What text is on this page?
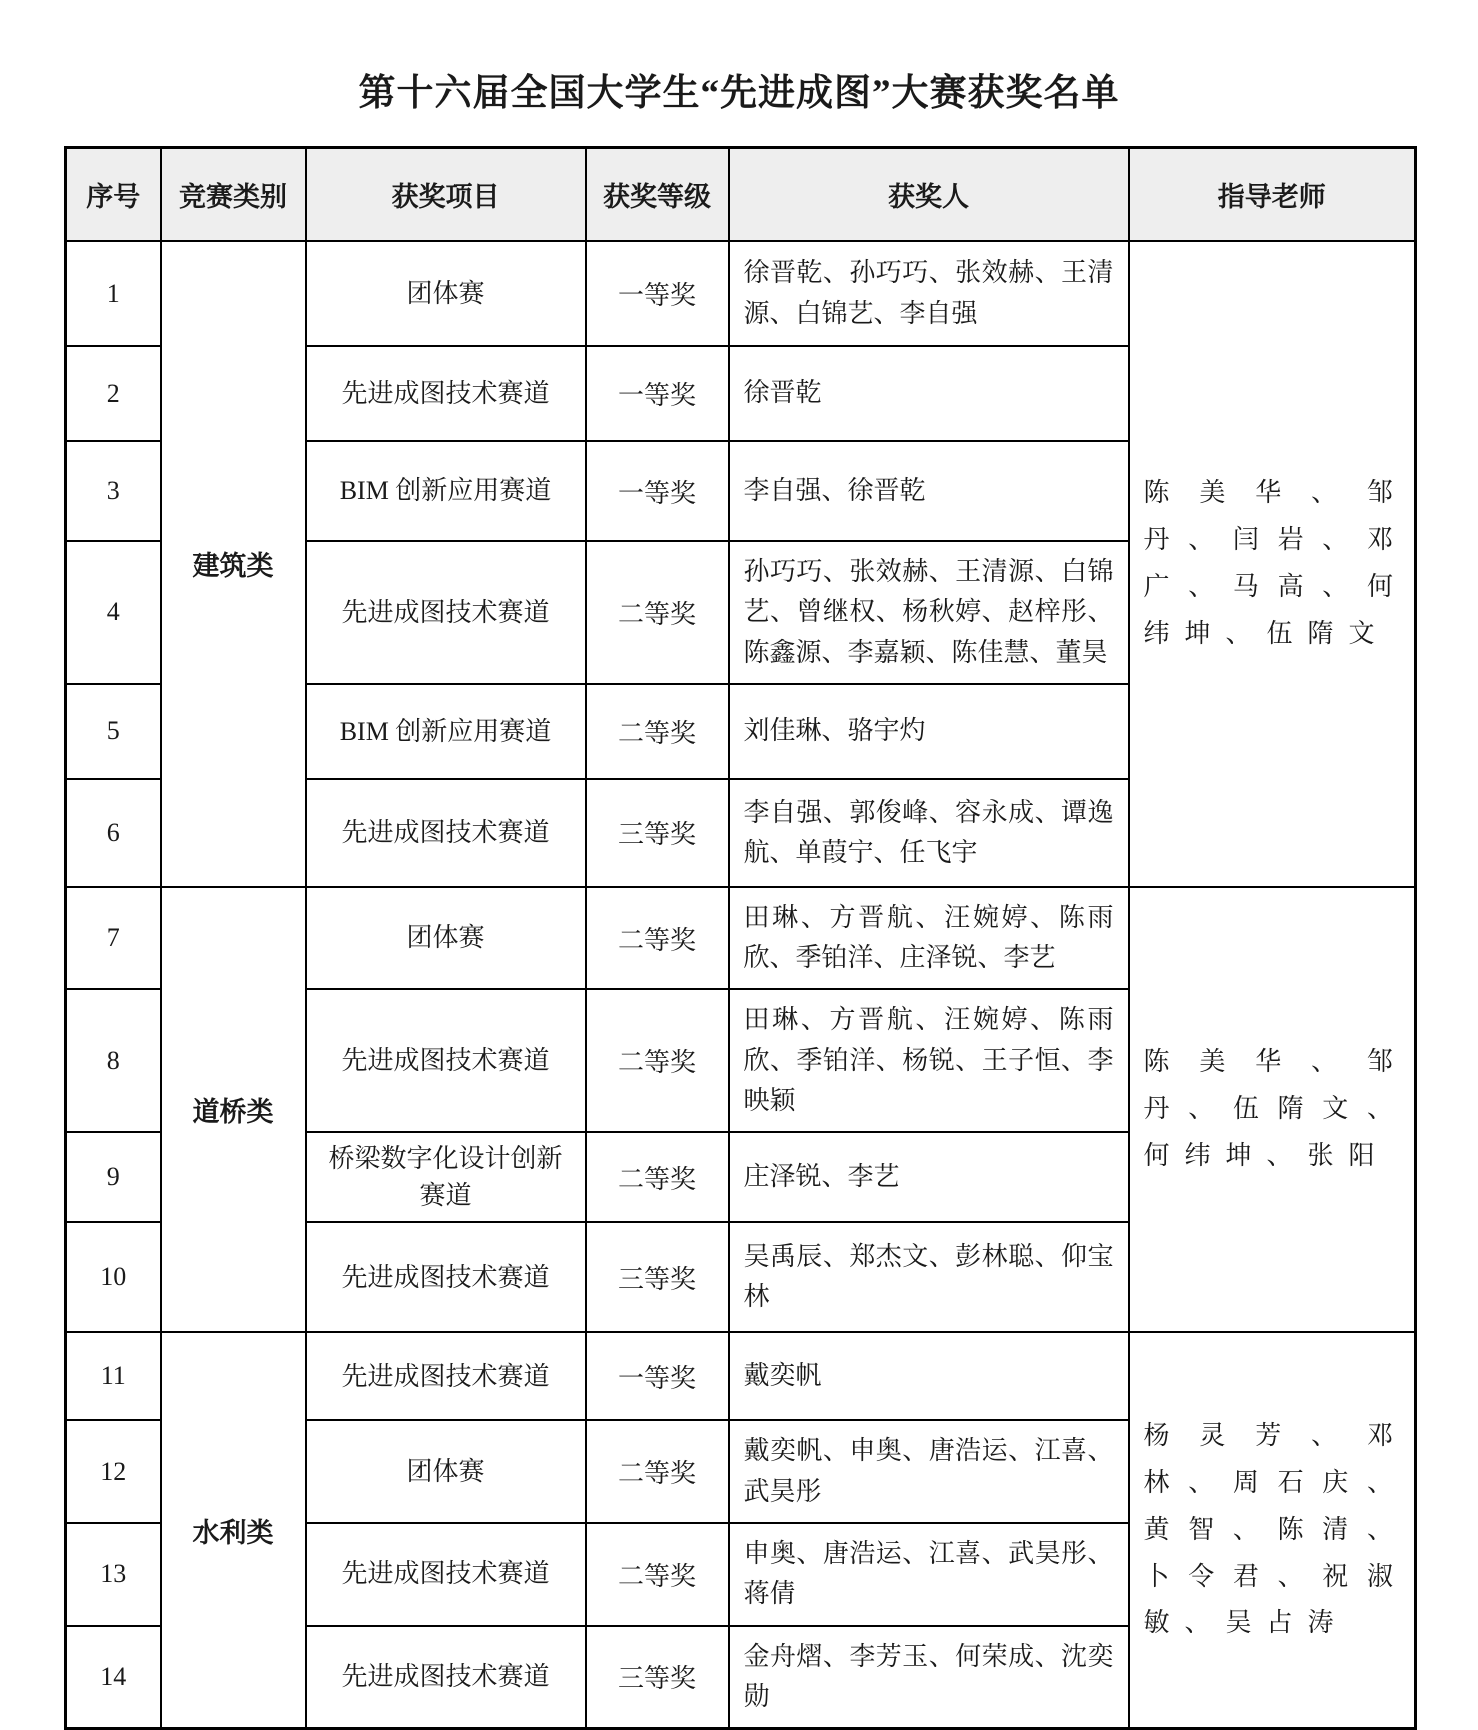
第十六届全国大学生“先进成图”大赛获奖名单
序号	竞赛类别	获奖项目	获奖等级	获奖人	指导老师
1	建筑类	团体赛	一等奖	徐晋乾、孙巧巧、张效赫、王清源、白锦艺、李自强	陈美华、邹丹、闫岩、邓广、马高、何纬坤、伍隋文
2		先进成图技术赛道	一等奖	徐晋乾	
3		BIM 创新应用赛道	一等奖	李自强、徐晋乾	
4		先进成图技术赛道	二等奖	孙巧巧、张效赫、王清源、白锦艺、曾继权、杨秋婷、赵梓彤、陈鑫源、李嘉颖、陈佳慧、董昊	
5		BIM 创新应用赛道	二等奖	刘佳琳、骆宇灼	
6		先进成图技术赛道	三等奖	李自强、郭俊峰、容永成、谭逸航、单葭宁、任飞宇	
7	道桥类	团体赛	二等奖	田琳、方晋航、汪婉婷、陈雨欣、季铂洋、庄泽锐、李艺	陈美华、邹丹、伍隋文、何纬坤、张阳
8		先进成图技术赛道	二等奖	田琳、方晋航、汪婉婷、陈雨欣、季铂洋、杨锐、王子恒、李映颖	
9		桥梁数字化设计创新赛道	二等奖	庄泽锐、李艺	
10		先进成图技术赛道	三等奖	吴禹辰、郑杰文、彭林聪、仰宝林	
11	水利类	先进成图技术赛道	一等奖	戴奕帆	杨灵芳、邓林、周石庆、黄智、陈清、卜令君、祝淑敏、吴占涛
12		团体赛	二等奖	戴奕帆、申奥、唐浩运、江喜、武昊彤	
13		先进成图技术赛道	二等奖	申奥、唐浩运、江喜、武昊彤、蒋倩	
14		先进成图技术赛道	三等奖	金舟熠、李芳玉、何荣成、沈奕勋	
